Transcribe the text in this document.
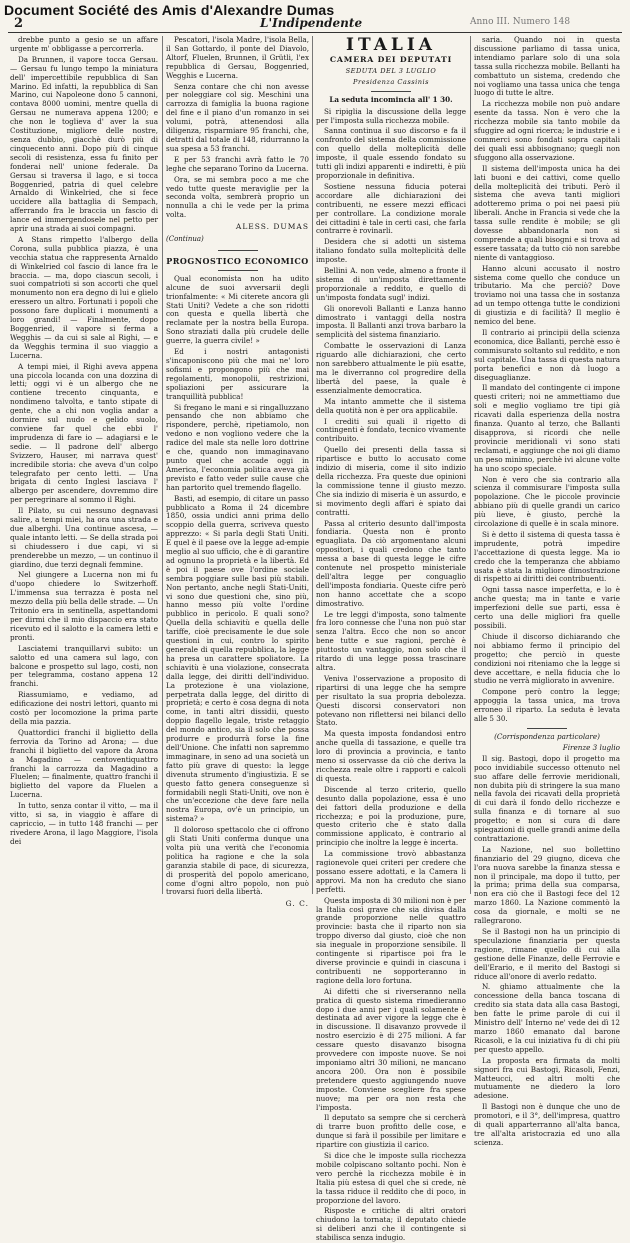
Document Société des Amis d'Alexandre Dumas
2	L'Indipendente	Anno III. Numero 148

drebbe punto a gesio se un affare urgente m' obbligasse a percorrerla.

Da Brunnen, il vapore tocca Gersau. — Gersau fu lungo tempo la miniatura dell' impercettibile repubblica di San Marino. Ed infatti, la repubblica di San Marino, cui Napoleone dono 5 cannoni, contava 8000 uomini, mentre quella di Gersau ne numerava appena 1200; e che non le toglieva d' aver la sua Costituzione, migliore delle nostre, senza dubbio, giacchè durò più di cinquecento anni. Dopo più di cinque secoli di resistenza, essa fu finito per fonderai nell' unione federale. Da Gersau si traversa il lago, e si tocca Boggenried, patria di quel celebre Arnaldo di Winkelried, che si fece uccidere alla battaglia di Sempach, afferrando fra le braccia un fascio di lance ed immergendosele nel petto per aprir una strada ai suoi compagni.

A Stans rimpetto l'albergo della Corona, sulla pubblica piazza, è una vecchia statua che rappresenta Arnaldo di Winkelried col fascio di lance fra le braccia. — ma, dopo ciascun secoli, i suoi compatrioti si son accorti che quel monumento non era degno di lui e glielo eressero un altro. Fortunati i popoli che possono fare duplicati i monumenti a loro grandi! — Finalmente, dopo Boggenried, il vapore si ferma a Wegghis — da cui si sale al Righi, — e da Wegghis termina il suo viaggio a Lucerna.

A tempi miei, il Righi aveva appena una piccola locanda con una dozzina di letti; oggi vi è un albergo che ne contiene trecento cinquanta, e nondimeno talvolta, e tanto stipate di gente, che a chi non voglia andar a dormire sul nudo e gelido suolo, conviene far quel che ebbi l' imprudenza di fare io — adagiarsi e le sedie. — Il padrone dell' albergo Svizzero, Hauser, mi narrava quest' incredibile storia: che aveva d'un colpo telegrafato per cento letti. — Una brigata di cento Inglesi lasciava l' albergo per ascendere, dovremmo dire per peregrinare al sommo il Righi.

Il Pilato, su cui nessuno degnavasi salire, a tempi miei, ha ora una strada e due alberghi. Una continue ascesa, — quale intanto letti. — Se della strada poi si chiudessero i due capi, vi si prenderebbe un mezzo, — un continuo il giardino, due terzi degnali femmine.

Nel giungere a Lucerna non mi fu d'uopo chiedere lo Switzerhoff. L'immensa sua terrazza è posta nel mezzo della più bella delle strade. — Un Tritonio era in sentinella, aspettandomi per dirmi che il mio dispaccio era stato ricevuto ed il salotto e la camera letti e pronti.

Lasciatemi tranquillarvi subito: un salotto ed una camera sul lago, con balcone e prospetto sul lago, costi, non per telegramma, costano appena 12 franchi.

Riassumiamo, e vediamo, ad edificazione dei nostri lettori, quanto mi costò per locomozione la prima parte della mia pazzia.

Quattordici franchi il biglietto della ferrovia da Torino ad Arona; — due franchi il biglietto del vapore da Arona a Magadino — centoventiquattro franchi la carrozza da Magadino a Fluelen; — finalmente, quattro franchi il biglietto del vapore da Fluelen a Lucerna.

In tutto, senza contar il vitto, — ma il vitto, si sa, in viaggio è affare di capriccio, — in tutto 148 franchi — per rivedere Arona, il lago Maggiore, l'isola dei

Pescatori, l'isola Madre, l'isola Bella, il San Gottardo, il ponte del Diavolo, Altorf, Fluelen, Brunnen, il Grütli, l'ex repubblica di Gersau, Boggenried, Wegghis e Lucerna.

Senza contare che chi non avesse per noleggiare col sig. Meschini una carrozza di famiglia la buona ragione del fine e il piano d'un romanzo in sei volumi, potrà, attenendosi alla diligenza, risparmiare 95 franchi, che, detratti dal totale di 148, ridurranno la sua spesa a 53 franchi.

E per 53 franchi avrà fatto le 70 leghe che separano Torino da Lucerna.

Ora, se mi sembra poco a me che vedo tutte queste meraviglie per la seconda volta, sembrerà proprio un nonnulla a chi le vede per la prima volta.

ALESS. DUMAS
(Continua)
PROGNOSTICO ECONOMICO

Qual economista non ha udito alcune de suoi avversarii degli trionfalmente: « Mi citerete ancora gli Stati Uniti? Vedete a che son ridotti con questa e quella libertà che reclamate per la nostra bella Europa. Sono straziati dalla più crudele delle guerre, la guerra civile! »

Ed i nostri antagonisti s'incaponiscono più che mai ne' loro sofismi e propongono più che mai regolamenti, monopolii, restrizioni, spoliazioni per assicurare la tranquillità pubblica!

Si fregano le mani e si ringalluzzano pensando che non abbiamo che rispondere, perchè, ripetiamolo, non vedono e non vogliono vedere che la radice del male sta nelle loro dottrine e che, quando non immaginavano punto quel che accade oggi in America, l'economia politica aveva già previsto e fatto veder sulle cause che han partorito quel tremendo flagello.

Basti, ad esempio, di citare un passo pubblicato a Roma il 24 dicembre 1850, ossia undici anni prima dello scoppio della guerra, scriveva questo apprezzo: « Si parla degli Stati Uniti. E quel è il paese ove la legge ad-empie meglio al suo ufficio, che è di garantire ad ognuno la proprietà e la libertà. Ed è poi il paese ove l'ordine sociale sembra poggiare sulle basi più stabili. Non pertanto, anche negli Stati-Uniti, vi sono due questioni che, sino più, hanno messo più volte l'ordine pubblico in pericolo. E quali sono? Quella della schiavitù e quella delle tariffe, cioè precisamente le due sole questioni in cui, contro lo spirito generale di quella repubblica, la legge ha presa un carattere spoliatore. La schiavitù è una violazione, consecrata dalla legge, dei diritti dell'individuo. La protezione è una violazione, perpetrata dalla legge, del diritto di proprietà; e certo è cosa degna di nota come, in tanti altri dissidii, questo doppio flagello legale, triste retaggio del mondo antico, sia il solo che possa produrre e produrrà forse la fine dell'Unione. Che infatti non sapremmo immaginare, in seno ad una società un fatto più grave di questo: la legge divenuta strumento d'ingiustizia. E se questo fatto genera conseguenze sì formidabili negli Stati-Uniti, ove non è che un'eccezione che deve fare nella nostra Europa, ov'è un principio, un sistema? »

Il doloroso spettacolo che ci offrono gli Stati Uniti conferma dunque una volta più una verità che l'economia politica ha ragione e che la sola garanzia stabile di pace, di sicurezza, di prosperità del popolo americano, come d'ogni altro popolo, non può trovarsi fuori della libertà.

G. C.
ITALIA
CAMERA DEI DEPUTATI
SEDUTA DEL 3 LUGLIO
Presidenza Cassinis
La seduta incomincia all' 1 30.

Si ripiglia la discussione della legge per l'imposta sulla ricchezza mobile.

Sanna continua il suo discorso e fa il confronto del sistema della commissione con quello della molteplicità delle imposte, il quale essendo fondato su tutti gli indizi apparenti e indiretti, è più proporzionale in definitiva.

Sostiene nessuna fiducia poterai accordare alle dichiarazioni dei contribuenti, ne essere mezzi efficaci per controllare. La condizione morale dei cittadini è tale in certi casi, che farla contrarre è rovinarli.

Desidera che si adotti un sistema italiano fondato sulla molteplicità delle imposte.

Bellini A. non vede, almeno a fronte il sistema di un'imposta direttamente proporzionale a reddito, e quello di un'imposta fondata sugl' indizi.

Gli onorevoli Ballanti e Lanza hanno dimostrato i vantaggi della nostra imposta. Il Ballanti anzi trova barbaro la semplicità del sistema finanziario.

Combatte le osservazioni di Lanza riguardo alle dichiarazioni, che certo non sarebbero attualmente le più esatte, ma le diverranno col progredire della libertà del paese, la quale è essenzialmente democratica.

Ma intanto ammette che il sistema della quotità non è per ora applicabile.

I crediti sui quali il rigetto di contingenti è fondato, tecnico vivamente contribuito.

Quello dei presenti della tassa si ripartisce e butto lo accusato come indizio di miseria, come il sito indizio della ricchezza. Fra queste due opinioni la commissione tenne il giusto mezzo. Che sia indizio di miseria è un assurdo, e si movimento degli affari è spiato dai contratti.

Passa al criterio desunto dall'imposta fondiaria. Questa non è pronto eguagliata. Da ciò argomentano alcuni oppositori, i quali credono che tanto messa a base di questa legge le cifre contenute nel prospetto ministeriale dell'altra legge per conguaglio dell'imposta fondiaria. Queste cifre però non hanno accettate che a scopo dimostrativo.

Le tre leggi d'imposta, sono talmente fra loro connesse che l'una non può star senza l'altra. Ecco che non so ancor bene tutte e sue ragioni, perchè è piuttosto un vantaggio, non solo che il ritardo di una legge possa trascinare altra.

Veniva l'osservazione a proposito di ripartirsi di una legge che ha sempre per risultato la sua propria debolezza. Questi discorsi conservatori non potevano non riflettersi nei bilanci dello Stato.

Ma questa imposta fondandosi entro anche quella di tassazione, e quelle tra loro di provincia a provincia, e tanto meno si osservasse da ciò che deriva la ricchezza reale oltre i rapporti e calcoli di questa.

Discende al terzo criterio, quello desunto dalla popolazione, essa è uno dei fattori della produzione e della ricchezza; e poi la produzione, pure, questo criterio che è stato dalla commissione applicato, è contrario al principio che inoltre la legge è incerta.

La commissione trovò abbastanza ragionevole quei criteri per credere che possano essere adottati, e la Camera li approvi. Ma non ha creduto che siano perfetti.

Questa imposta di 30 milioni non è per la Italia così grave che sia divisa dalla grande proporzione nelle quattro provincie: basta che il riparto non sia troppo diverso dal giusto, cioè che non sia ineguale in proporzione sensibile. Il contingente si ripartisce poi fra le diverse provincie e quindi in ciascuna i contribuenti ne sopporteranno in ragione della loro fortuna.

Ai difetti che si riverseranno nella pratica di questo sistema rimedieranno dopo i due anni per i quali solamente è destinata ad aver vigore la legge che è in discussione. Il disavanzo provvede il nostro esercizio è di 275 milioni. A far cessare questo disavanzo bisogna provvedere con imposte nuove. Se noi imponiamo altri 30 milioni, ne mancano ancora 200. Ora non è possibile pretendere questo aggiungendo nuove imposte. Conviene scegliere fra spese nuove; ma per ora non resta che l'imposta.

Il deputato sa sempre che si cercherà di trarre buon profitto delle cose, e dunque si farà il possibile per limitare e ripartire con giustizia il carico.

Si dice che le imposte sulla ricchezza mobile colpiscano soltanto pochi. Non è vero perchè la ricchezza mobile è in Italia più estesa di quel che si crede, nè la tassa riduce il reddito che di poco, in proporzione del lavoro.

Risposte e critiche di altri oratori chiudono la tornata; il deputato chiede si deliberi anzi che il contingente si stabilisca senza indugio.

saria. Quando noi in questa discussione parliamo di tassa unica, intendiamo parlare solo di una sola tassa sulla ricchezza mobile. Bellanti ha combattuto un sistema, credendo che noi vogliamo una tassa unica che tenga luogo di tutte le altre.

La ricchezza mobile non può andare esente da tassa. Non è vero che la ricchezza mobile sia tanto mobile da sfuggire ad ogni ricerca; le industrie e i commerci sono fondati sopra capitali dei quali essi abbisognano; quegli non sfuggono alla osservazione.

Il sistema dell'imposta unica ha dei lati buoni e dei cattivi, come quello della molteplicità dei tributi. Però il sistema che aveva tanti migliori adotteremo prima o poi nei paesi più liberali. Anche in Francia si vede che la tassa sulle rendite è mobile; se gli dovesse abbandonarla non si comprende a quali bisogni e si trova ad essere tassata; da tutto ciò non sarebbe niente di vantaggioso.

Hanno alcuni accusato il nostro sistema come quello che conduce un tributario. Ma che perciò? Dove troviamo noi una tassa che in sostanza ad un tempo ottenga tutte le condizioni di giustizia e di facilità? Il meglio è nemico del bene.

Il contrario ai principii della scienza economica, dice Ballanti, perchè esso è commisurato soltanto sul reddito, e non sul capitale. Una tassa di questa natura porta benefici e non dà luogo a diseguaglianze.

Il mandato del contingente ci impone questi criteri; noi ne ammettiamo due soli e meglio vogliamo tre tipi già ricavati dalla esperienza della nostra finanza. Quanto al terzo, che Ballanti disapprova, si ricordi che nelle provincie meridionali vi sono stati reclamati, e aggiunge che noi gli diamo un peso minimo, perchè ivi alcune volte ha uno scopo speciale.

Non è vero che sia contrario alla scienza il commisurare l'imposta sulla popolazione. Che le piccole provincie abbiano più di quelle grandi un carico più lieve, è giusto, perchè la circolazione di quelle è in scala minore.

Si è detto il sistema di questa tassa è imprudente, potrà impedire l'accettazione di questa legge. Ma io credo che la temperanza che abbiamo usata è stata la migliore dimostrazione di rispetto ai diritti dei contribuenti.

Ogni tassa nasce imperfetta, e lo è anche questa; ma in tante e varie imperfezioni delle sue parti, essa è certo una delle migliori fra quelle possibili.

Chiude il discorso dichiarando che noi abbiamo fermo il principio del progetto; che perciò in queste condizioni noi riteniamo che la legge si deve accettare, e nella fiducia che lo studio ne verrà migliorato in avvenire.

Compone però contro la legge; appoggia la tassa unica, ma trova erroneo il riparto. La seduta è levata alle 5 30.

(Corrispondenza particolare)
Firenze 3 luglio

Il sig. Bastogi, dopo il progetto ma poco invidiabile successo ottenuto nel suo affare delle ferrovie meridionali, non dubita più di stringere la sua mano nella favola dei ricavati della proprietà di cui darà il fondo dello ricchezze e sulla finanza e di tornare al suo progetto; e non si cura di dare spiegazioni di quelle grandi anime della contrattazione.

La Nazione, nel suo bollettino finanziario del 29 giugno, diceva che l'ora nuova sarebbe la finanza stessa e non il principale, ma dopo il tutto, per la prima; prima della sua comparsa, non era ciò che il Bastogi fece del 12 marzo 1860. La Nazione commentò la cosa da giornale, e molti se ne rallegrarono.

Se il Bastogi non ha un principio di speculazione finanziaria per questa ragione, rimane quello di cui alla gestione delle Finanze, delle Ferrovie e dell'Erario, e il merito del Bastogi si riduce all'onore di averlo redatto.

N. ghiamo attualmente che la concessione della banca toscana di credito sia stata data alla casa Bastogi, ben fatte le prime parole di cui il Ministro dell' Interno ne' vede dei dì 12 marzo 1860 emanato dal barone Ricasoli, e la cui iniziativa fu di chi più per questo appello.

La proposta era firmata da molti signori fra cui Bastogi, Ricasoli, Fenzi, Matteucci, ed altri molti che mutuamente ne diedero la loro adesione.

Il Bastogi non è dunque che uno de promotori, e il 3°, dell'impresa, quattro di quali apparterranno all'alta banca, tre all'alta aristocrazia ed uno alla scienza.
